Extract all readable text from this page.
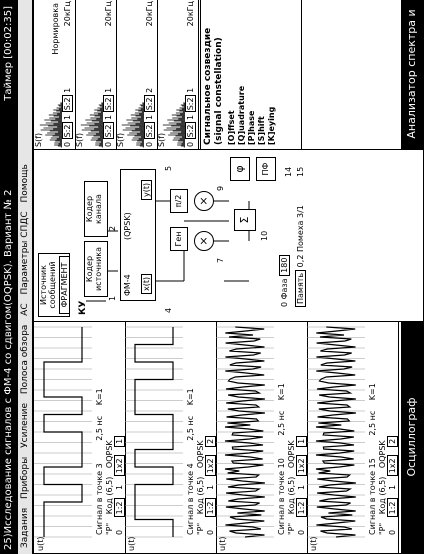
25)Исследование сигналов с ФМ-4 со сдвигом(OQPSK). Вариант № 2
Таймер [00:02:35]
Задания Приборы Усиление Полоса обзора АС Параметры СПДС Помощь
u(t)
Сигнал в точке 3 2,5 нс K=1
"P" Код (6,5) OQPSK
0 1:2 1 1x2 1
u(t)
Сигнал в точке 4 2,5 нс K=1
"P" Код (6,5) OQPSK
0 1:2 1 1x2 2
u(t)
Сигнал в точке 10 2,5 нс K=1
"P" Код (6,5) OQPSK
0 1:2 1 1x2 1
u(t)
Сигнал в точке 15 2,5 нс K=1
"P" Код (6,5) OQPSK
0 1:2 1 1x2 2 Осциллограф
Источник сообщений ФРАГМЕНТ
КУ
Кодер источника
Кодер канала
ФМ-4
(QPSK)
x(t)
y(t)
Ген
π/2
×
×
Σ
φ	ПФ
1
2
4
5
7
9
10
0 Фаза 180
Память 0,2 Помеха 3/1
14 15
S(f)	0 S:2 1 S:2 1
20кГц
Нормировка
S(f)	0 S:2 1 S:2 1
20кГц
S(f)	0 S:2 1 S:2 2
20кГц
S(f)	0 S:2 1 S:2 1
20кГц	Анализатор спектра и ИЧХ
Сигнальное созвездие (signal constellation) [O]ffset [Q]uadrature [P]hase [S]hift [K]eying
